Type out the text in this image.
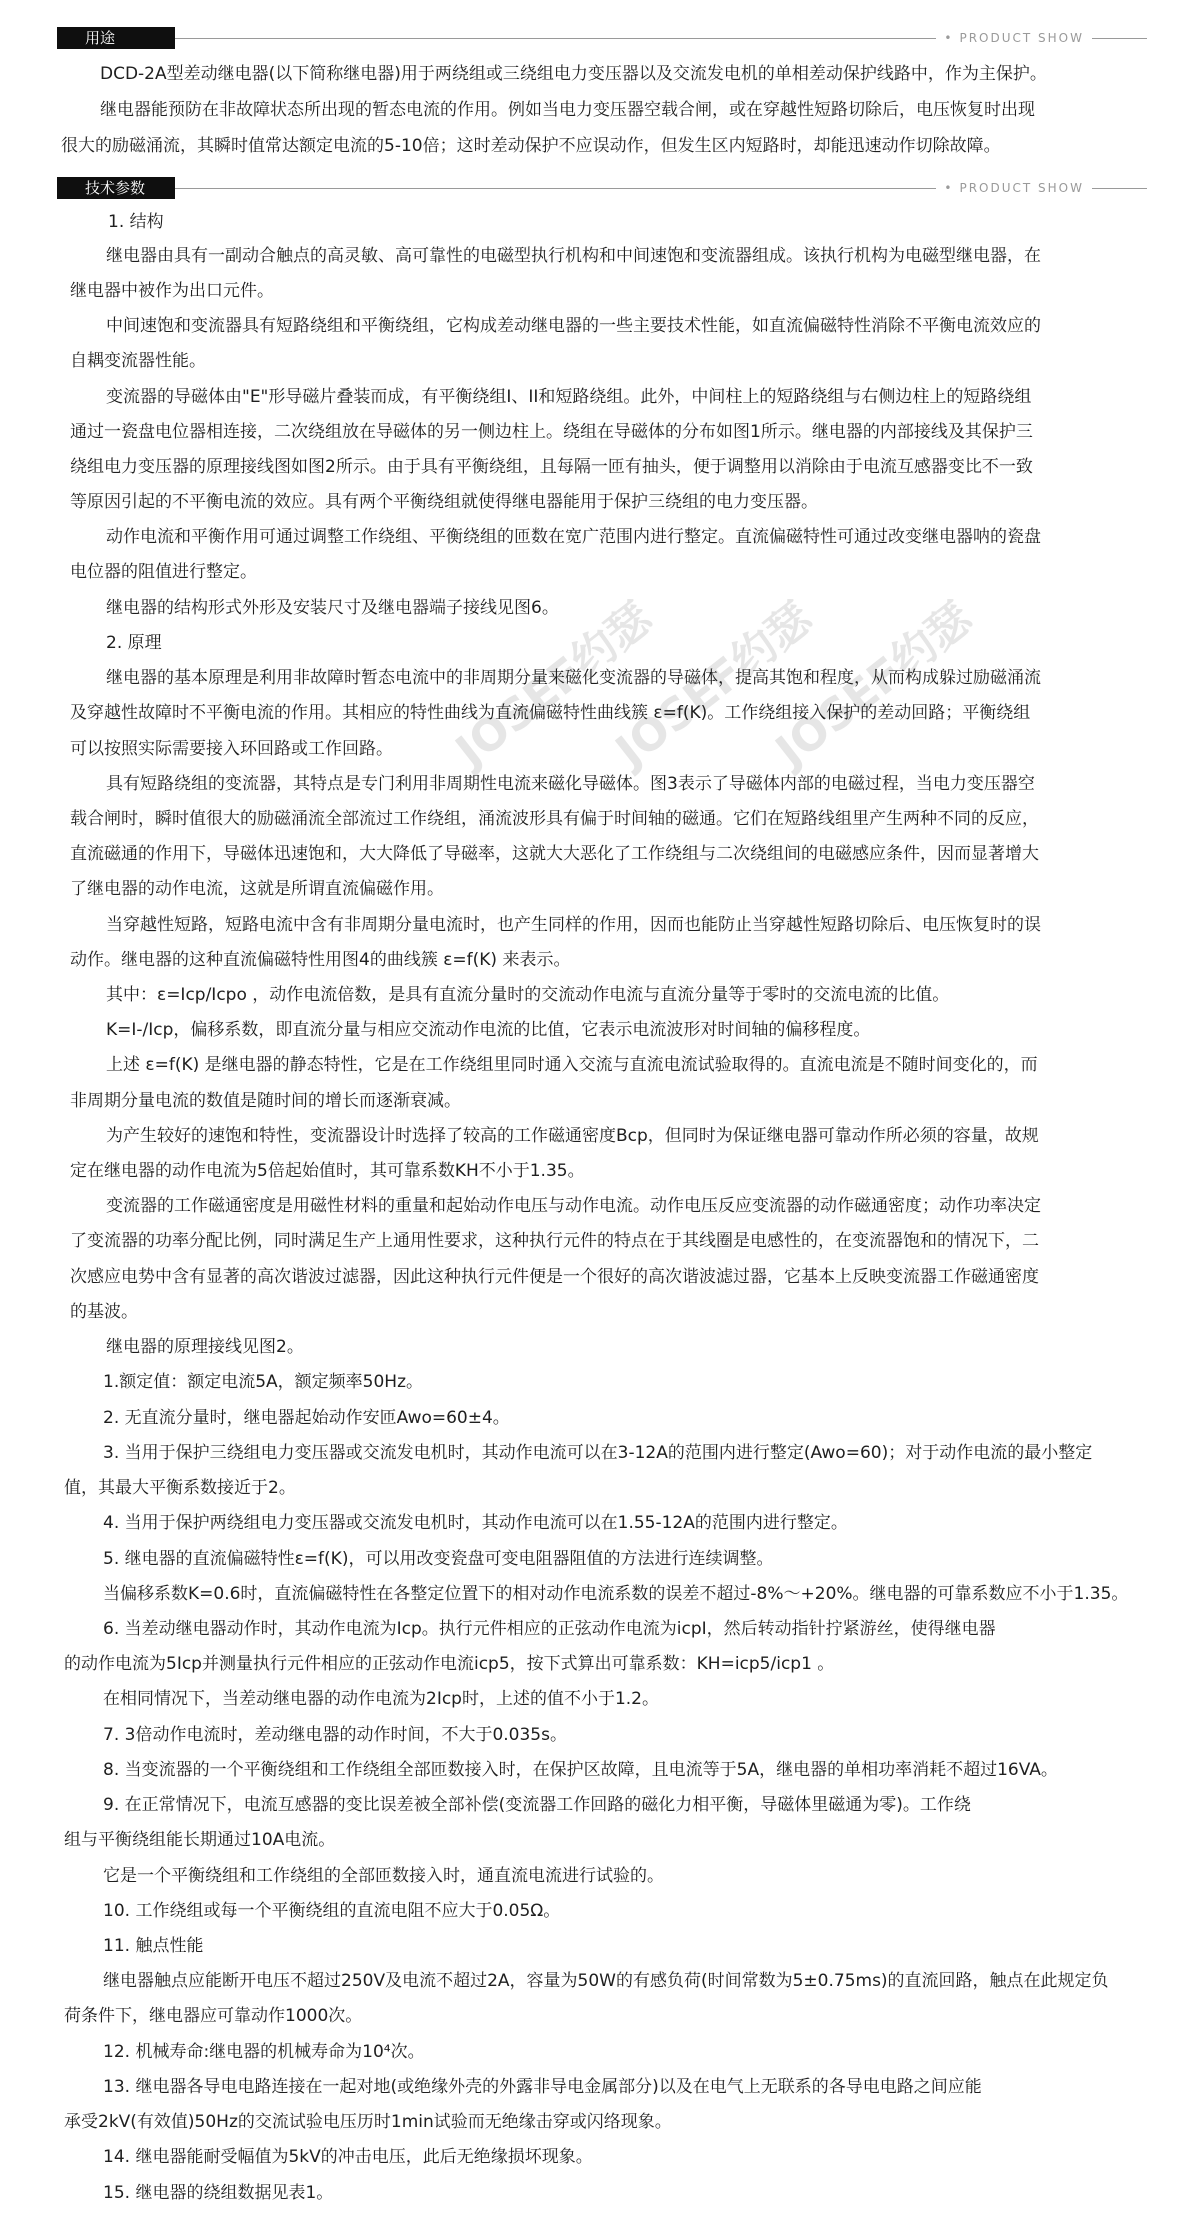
JOSEF约瑟
JOSEF约瑟
JOSEF约瑟
用途	• PRODUCT SHOW
技术参数	• PRODUCT SHOW
DCD-2A型差动继电器(以下简称继电器)用于两绕组或三绕组电力变压器以及交流发电机的单相差动保护线路中，作为主保护。
继电器能预防在非故障状态所出现的暂态电流的作用。例如当电力变压器空载合闸，或在穿越性短路切除后，电压恢复时出现
很大的励磁涌流，其瞬时值常达额定电流的5-10倍；这时差动保护不应误动作，但发生区内短路时，却能迅速动作切除故障。
1. 结构
继电器由具有一副动合触点的高灵敏、高可靠性的电磁型执行机构和中间速饱和变流器组成。该执行机构为电磁型继电器，在
继电器中被作为出口元件。
中间速饱和变流器具有短路绕组和平衡绕组，它构成差动继电器的一些主要技术性能，如直流偏磁特性消除不平衡电流效应的
自耦变流器性能。
变流器的导磁体由"E"形导磁片叠装而成，有平衡绕组I、II和短路绕组。此外，中间柱上的短路绕组与右侧边柱上的短路绕组
通过一瓷盘电位器相连接，二次绕组放在导磁体的另一侧边柱上。绕组在导磁体的分布如图1所示。继电器的内部接线及其保护三
绕组电力变压器的原理接线图如图2所示。由于具有平衡绕组，且每隔一匝有抽头，便于调整用以消除由于电流互感器变比不一致
等原因引起的不平衡电流的效应。具有两个平衡绕组就使得继电器能用于保护三绕组的电力变压器。
动作电流和平衡作用可通过调整工作绕组、平衡绕组的匝数在宽广范围内进行整定。直流偏磁特性可通过改变继电器呐的瓷盘
电位器的阻值进行整定。
继电器的结构形式外形及安装尺寸及继电器端子接线见图6。
2. 原理
继电器的基本原理是利用非故障时暂态电流中的非周期分量来磁化变流器的导磁体，提高其饱和程度，从而构成躲过励磁涌流
及穿越性故障时不平衡电流的作用。其相应的特性曲线为直流偏磁特性曲线簇 ε=f(K)。工作绕组接入保护的差动回路；平衡绕组
可以按照实际需要接入环回路或工作回路。
具有短路绕组的变流器，其特点是专门利用非周期性电流来磁化导磁体。图3表示了导磁体内部的电磁过程，当电力变压器空
载合闸时，瞬时值很大的励磁涌流全部流过工作绕组，涌流波形具有偏于时间轴的磁通。它们在短路线组里产生两种不同的反应，
直流磁通的作用下，导磁体迅速饱和，大大降低了导磁率，这就大大恶化了工作绕组与二次绕组间的电磁感应条件，因而显著增大
了继电器的动作电流，这就是所谓直流偏磁作用。
当穿越性短路，短路电流中含有非周期分量电流时，也产生同样的作用，因而也能防止当穿越性短路切除后、电压恢复时的误
动作。继电器的这种直流偏磁特性用图4的曲线簇 ε=f(K) 来表示。
其中：ε=Icp/Icpo ，动作电流倍数，是具有直流分量时的交流动作电流与直流分量等于零时的交流电流的比值。
K=I-/Icp，偏移系数，即直流分量与相应交流动作电流的比值，它表示电流波形对时间轴的偏移程度。
上述 ε=f(K) 是继电器的静态特性，它是在工作绕组里同时通入交流与直流电流试验取得的。直流电流是不随时间变化的，而
非周期分量电流的数值是随时间的增长而逐渐衰减。
为产生较好的速饱和特性，变流器设计时选择了较高的工作磁通密度Bcp，但同时为保证继电器可靠动作所必须的容量，故规
定在继电器的动作电流为5倍起始值时，其可靠系数KH不小于1.35。
变流器的工作磁通密度是用磁性材料的重量和起始动作电压与动作电流。动作电压反应变流器的动作磁通密度；动作功率决定
了变流器的功率分配比例，同时满足生产上通用性要求，这种执行元件的特点在于其线圈是电感性的，在变流器饱和的情况下，二
次感应电势中含有显著的高次谐波过滤器，因此这种执行元件便是一个很好的高次谐波滤过器，它基本上反映变流器工作磁通密度
的基波。
继电器的原理接线见图2。
1.额定值：额定电流5A，额定频率50Hz。
2. 无直流分量时，继电器起始动作安匝Awo=60±4。
3. 当用于保护三绕组电力变压器或交流发电机时，其动作电流可以在3-12A的范围内进行整定(Awo=60)；对于动作电流的最小整定
值，其最大平衡系数接近于2。
4. 当用于保护两绕组电力变压器或交流发电机时，其动作电流可以在1.55-12A的范围内进行整定。
5. 继电器的直流偏磁特性ε=f(K)，可以用改变瓷盘可变电阻器阻值的方法进行连续调整。
当偏移系数K=0.6时，直流偏磁特性在各整定位置下的相对动作电流系数的误差不超过-8%～+20%。继电器的可靠系数应不小于1.35。
6. 当差动继电器动作时，其动作电流为Icp。执行元件相应的正弦动作电流为icpI，然后转动指针拧紧游丝，使得继电器
的动作电流为5Icp并测量执行元件相应的正弦动作电流icp5，按下式算出可靠系数：KH=icp5/icp1 。
在相同情况下，当差动继电器的动作电流为2Icp时，上述的值不小于1.2。
7. 3倍动作电流时，差动继电器的动作时间，不大于0.035s。
8. 当变流器的一个平衡绕组和工作绕组全部匝数接入时，在保护区故障，且电流等于5A，继电器的单相功率消耗不超过16VA。
9. 在正常情况下，电流互感器的变比误差被全部补偿(变流器工作回路的磁化力相平衡，导磁体里磁通为零)。工作绕
组与平衡绕组能长期通过10A电流。
它是一个平衡绕组和工作绕组的全部匝数接入时，通直流电流进行试验的。
10. 工作绕组或每一个平衡绕组的直流电阻不应大于0.05Ω。
11. 触点性能
继电器触点应能断开电压不超过250V及电流不超过2A，容量为50W的有感负荷(时间常数为5±0.75ms)的直流回路，触点在此规定负
荷条件下，继电器应可靠动作1000次。
12. 机械寿命:继电器的机械寿命为10⁴次。
13. 继电器各导电电路连接在一起对地(或绝缘外壳的外露非导电金属部分)以及在电气上无联系的各导电电路之间应能
承受2kV(有效值)50Hz的交流试验电压历时1min试验而无绝缘击穿或闪络现象。
14. 继电器能耐受幅值为5kV的冲击电压，此后无绝缘损坏现象。
15. 继电器的绕组数据见表1。
